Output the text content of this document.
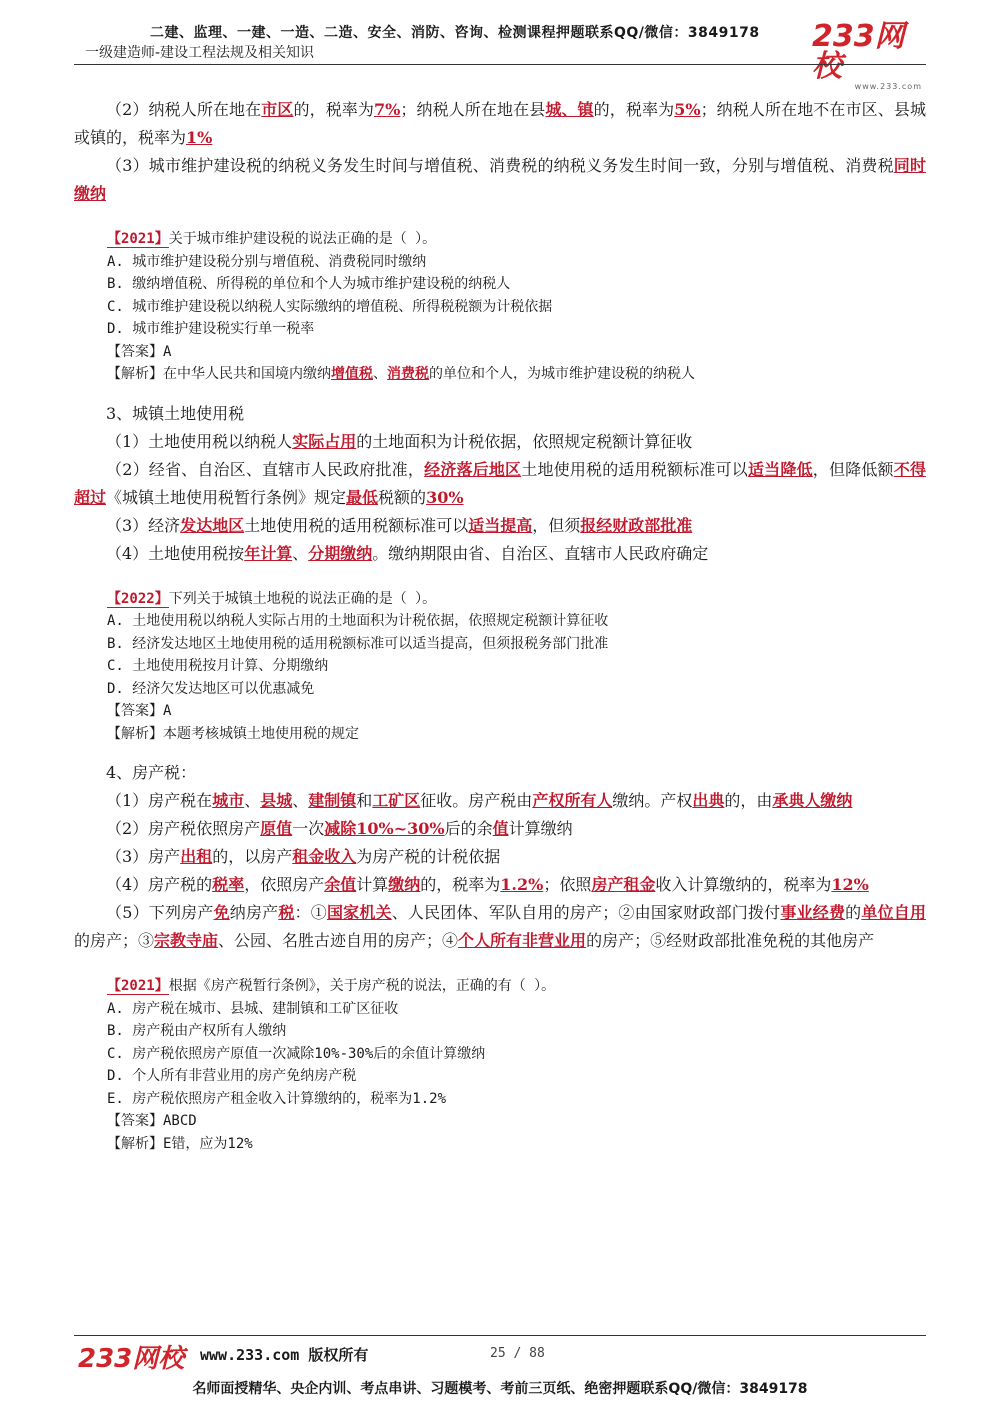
二建、监理、一建、一造、二造、安全、消防、咨询、检测课程押题联系QQ/微信：3849178
一级建造师-建设工程法规及相关知识	233网校
www.233.com

（2）纳税人所在地在市区的，税率为7%；纳税人所在地在县城、镇的，税率为5%；纳税人所在地不在市区、县城或镇的，税率为1%

（3）城市维护建设税的纳税义务发生时间与增值税、消费税的纳税义务发生时间一致，分别与增值税、消费税同时缴纳

【2021】关于城市维护建设税的说法正确的是（ ）。

A. 城市维护建设税分别与增值税、消费税同时缴纳

B. 缴纳增值税、所得税的单位和个人为城市维护建设税的纳税人

C. 城市维护建设税以纳税人实际缴纳的增值税、所得税税额为计税依据

D. 城市维护建设税实行单一税率

【答案】A

【解析】在中华人民共和国境内缴纳增值税、消费税的单位和个人，为城市维护建设税的纳税人

3、城镇土地使用税

（1）土地使用税以纳税人实际占用的土地面积为计税依据，依照规定税额计算征收

（2）经省、自治区、直辖市人民政府批准，经济落后地区土地使用税的适用税额标准可以适当降低，但降低额不得超过《城镇土地使用税暂行条例》规定最低税额的30%

（3）经济发达地区土地使用税的适用税额标准可以适当提高，但须报经财政部批准

（4）土地使用税按年计算、分期缴纳。缴纳期限由省、自治区、直辖市人民政府确定

【2022】下列关于城镇土地税的说法正确的是（ ）。

A. 土地使用税以纳税人实际占用的土地面积为计税依据，依照规定税额计算征收

B. 经济发达地区土地使用税的适用税额标准可以适当提高，但须报税务部门批准

C. 土地使用税按月计算、分期缴纳

D. 经济欠发达地区可以优惠减免

【答案】A

【解析】本题考核城镇土地使用税的规定

4、房产税：

（1）房产税在城市、县城、建制镇和工矿区征收。房产税由产权所有人缴纳。产权出典的，由承典人缴纳

（2）房产税依照房产原值一次减除10%~30%后的余值计算缴纳

（3）房产出租的，以房产租金收入为房产税的计税依据

（4）房产税的税率，依照房产余值计算缴纳的，税率为1.2%；依照房产租金收入计算缴纳的，税率为12%

（5）下列房产免纳房产税：①国家机关、人民团体、军队自用的房产；②由国家财政部门拨付事业经费的单位自用的房产；③宗教寺庙、公园、名胜古迹自用的房产；④个人所有非营业用的房产；⑤经财政部批准免税的其他房产

【2021】根据《房产税暂行条例》，关于房产税的说法，正确的有（ ）。

A. 房产税在城市、县城、建制镇和工矿区征收

B. 房产税由产权所有人缴纳

C. 房产税依照房产原值一次减除10%-30%后的余值计算缴纳

D. 个人所有非营业用的房产免纳房产税

E. 房产税依照房产租金收入计算缴纳的，税率为1.2%

【答案】ABCD

【解析】E错，应为12%

233网校 www.233.com 版权所有	25 / 88
名师面授精华、央企内训、考点串讲、习题模考、考前三页纸、绝密押题联系QQ/微信：3849178
